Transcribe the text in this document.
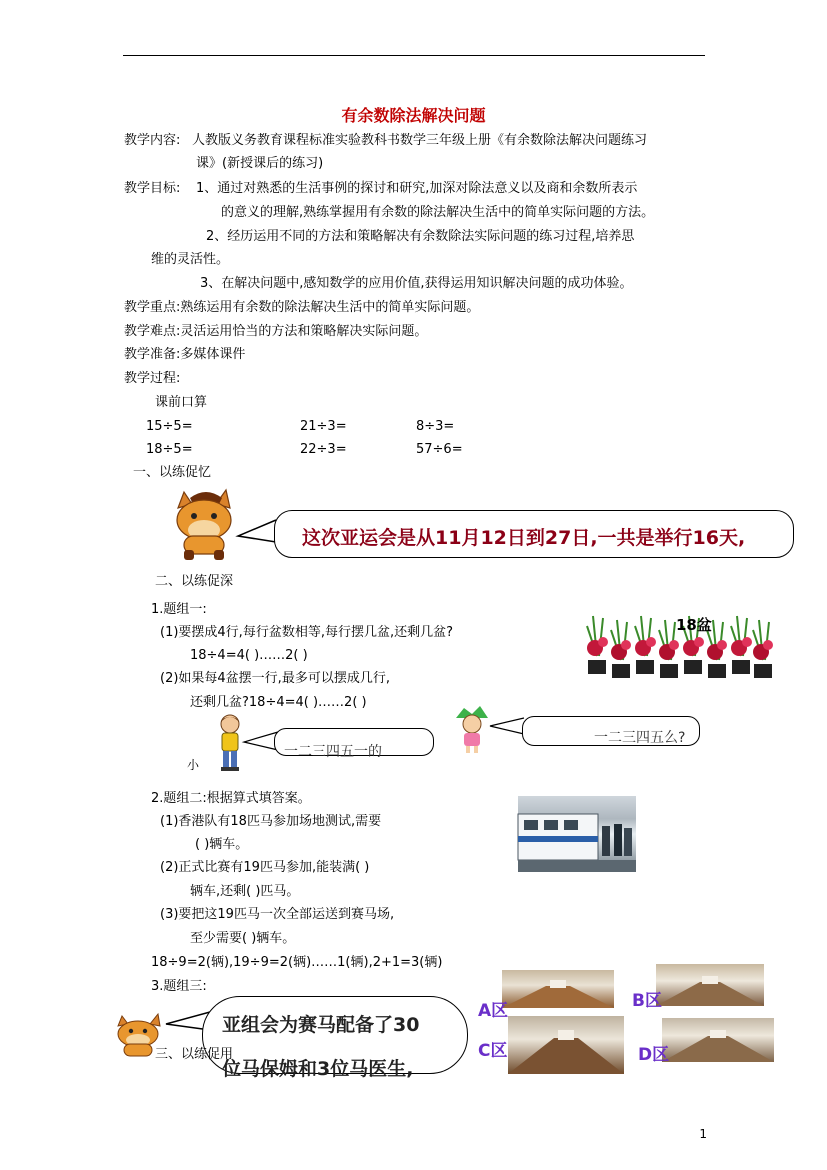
有余数除法解决问题
教学内容: 人教版义务教育课程标准实验教科书数学三年级上册《有余数除法解决问题练习
课》(新授课后的练习)
教学目标: 1、通过对熟悉的生活事例的探讨和研究,加深对除法意义以及商和余数所表示
的意义的理解,熟练掌握用有余数的除法解决生活中的简单实际问题的方法。
2、经历运用不同的方法和策略解决有余数除法实际问题的练习过程,培养思
维的灵活性。
3、在解决问题中,感知数学的应用价值,获得运用知识解决问题的成功体验。
教学重点:熟练运用有余数的除法解决生活中的简单实际问题。
教学难点:灵活运用恰当的方法和策略解决实际问题。
教学准备:多媒体课件
教学过程:
课前口算
15÷5=	21÷3=	8÷3=
18÷5=	22÷3=	57÷6=
一、以练促忆
这次亚运会是从11月12日到27日,一共是举行16天,
二、以练促深
1.题组一:
(1)要摆成4行,每行盆数相等,每行摆几盆,还剩几盆?
18÷4=4( )……2( )
(2)如果每4盆摆一行,最多可以摆成几行,
还剩几盆?18÷4=4( )……2( )
18盆
小
一二三四五一的
一二三四五么?
2.题组二:根据算式填答案。
(1)香港队有18匹马参加场地测试,需要
( )辆车。
(2)正式比赛有19匹马参加,能装满( )
辆车,还剩( )匹马。
(3)要把这19匹马一次全部运送到赛马场,
至少需要( )辆车。
18÷9=2(辆),19÷9=2(辆)……1(辆),2+1=3(辆)
3.题组三:
亚组会为赛马配备了30
位马保姆和3位马医生,
三、以练促用
A区	B区
C区	D区
1
